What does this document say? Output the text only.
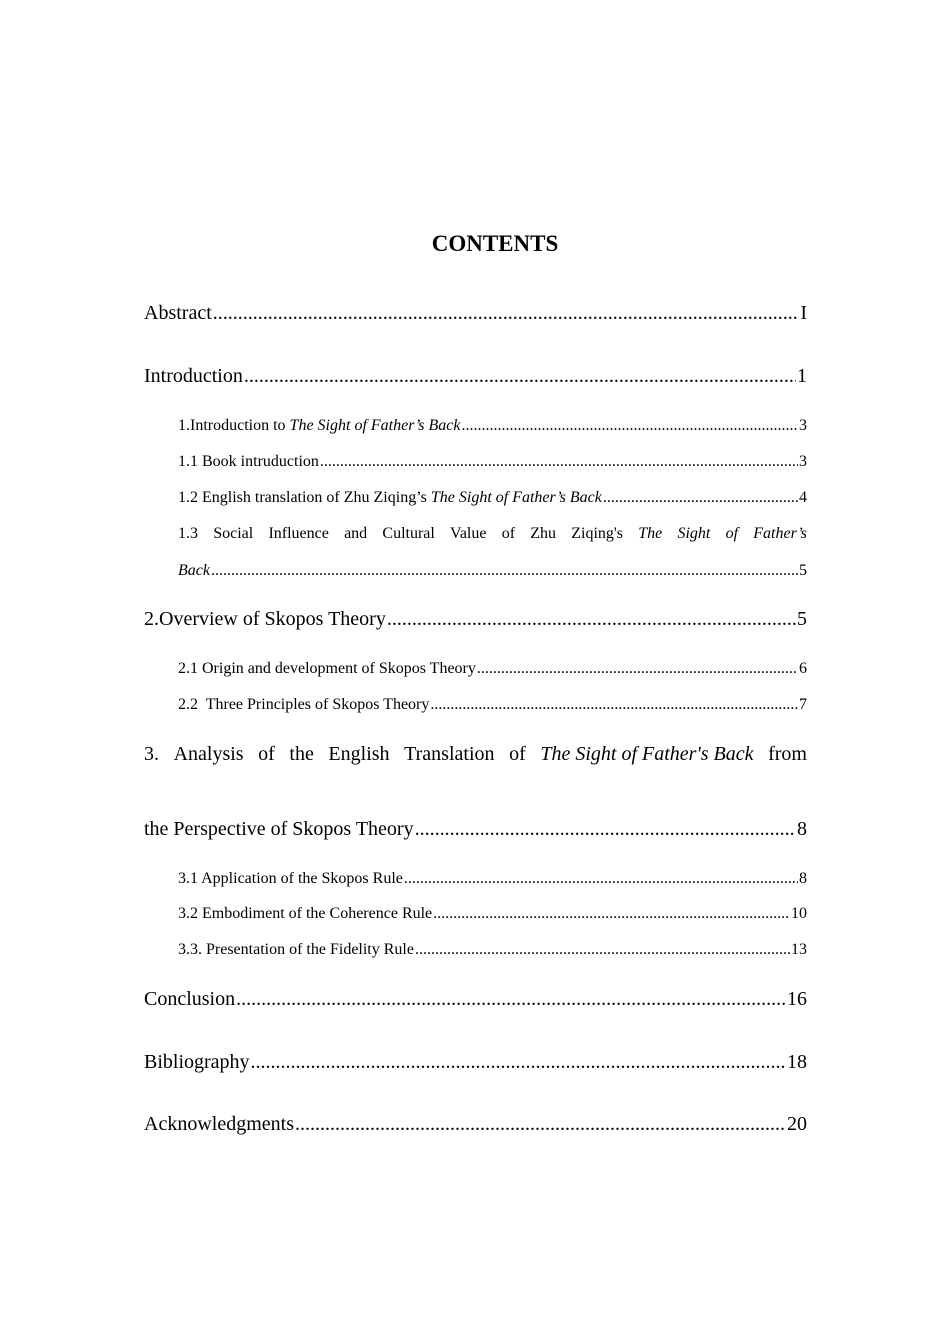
CONTENTS
Abstract .....	I
Introduction .....	1
1.Introduction to The Sight of Father’s Back .....	3
1.1 Book intruduction .....	3
1.2 English translation of Zhu Ziqing’s The Sight of Father’s Back .....	4
1.3 Social Influence and Cultural Value of Zhu Ziqing's The Sight of Father’s
Back .....	5
2.Overview of Skopos Theory .....	5
2.1 Origin and development of Skopos Theory .....	6
2.2  Three Principles of Skopos Theory .....	7
3. Analysis of the English Translation of The Sight of Father's Back from
the Perspective of Skopos Theory .....	8
3.1 Application of the Skopos Rule .....	8
3.2 Embodiment of the Coherence Rule .....	10
3.3. Presentation of the Fidelity Rule .....	13
Conclusion .....	16
Bibliography .....	18
Acknowledgments .....	20
